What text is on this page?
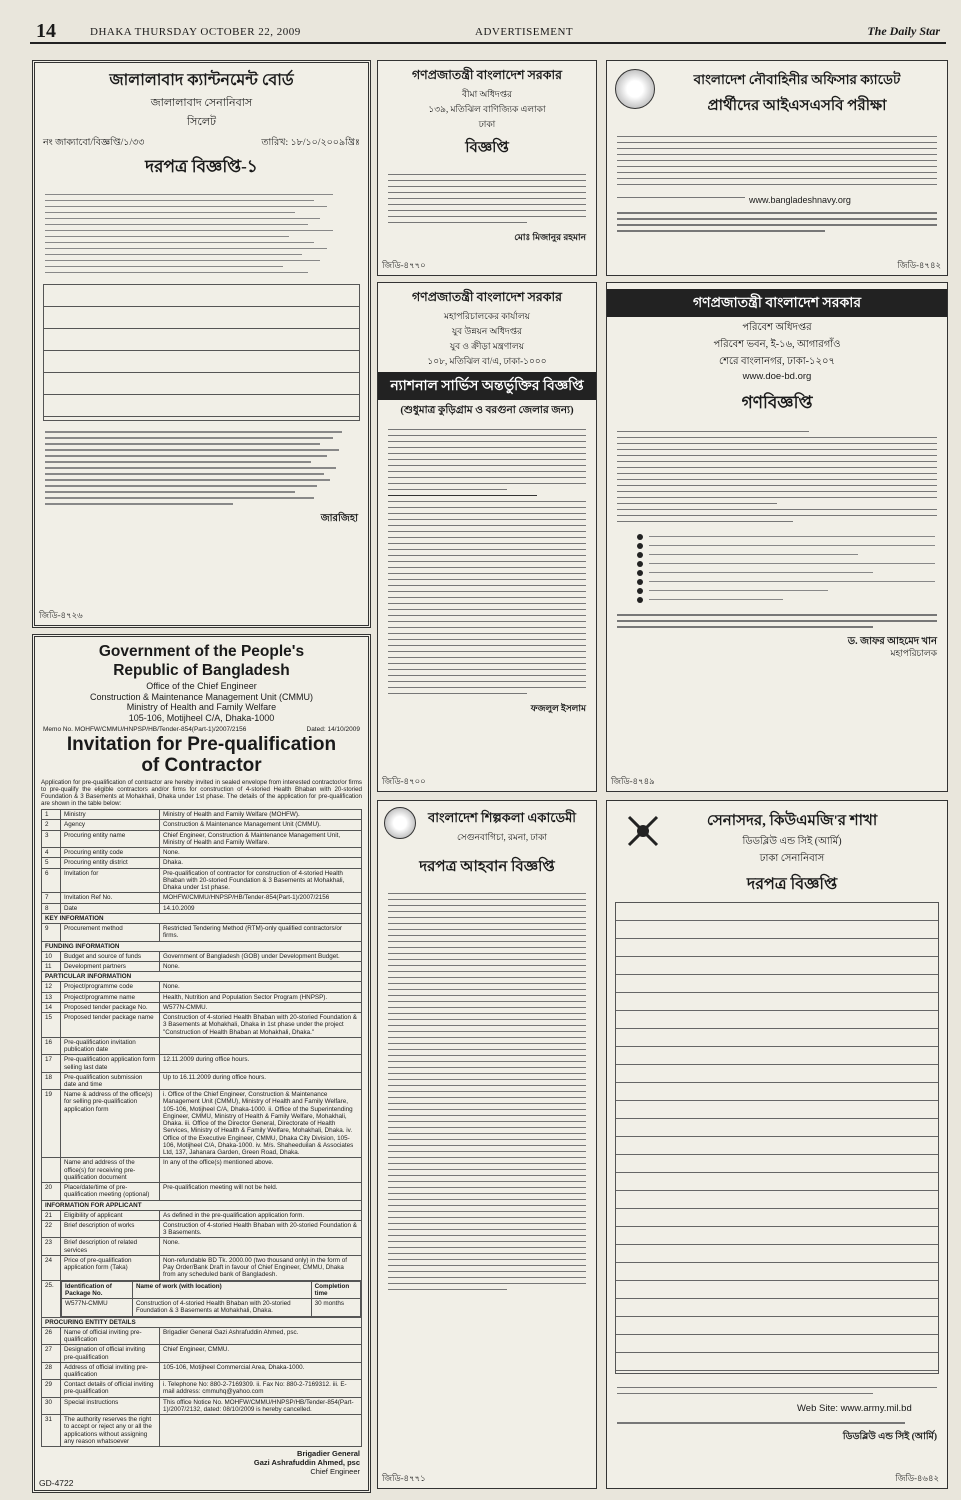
14	DHAKA THURSDAY OCTOBER 22, 2009	ADVERTISEMENT	The Daily Star
জালালাবাদ ক্যান্টনমেন্ট বোর্ড
জালালাবাদ সেনানিবাস
সিলেট
নং জাক্যাবো/বিজ্ঞপ্তি/১/৩৩	তারিখ: ১৮/১০/২০০৯খ্রিঃ
দরপত্র বিজ্ঞপ্তি-১
জারজিহা
জিডি-৪৭২৬
Government of the People's
Republic of Bangladesh
Office of the Chief Engineer
Construction & Maintenance Management Unit (CMMU)
Ministry of Health and Family Welfare
105-106, Motijheel C/A, Dhaka-1000
Memo No. MOHFW/CMMU/HNPSP/HB/Tender-854(Part-1)/2007/2156	Dated: 14/10/2009
Invitation for Pre-qualification
of Contractor
Application for pre-qualification of contractor are hereby invited in sealed envelope from interested contractor/or firms to pre-qualify the eligible contractors and/or firms for construction of 4-storied Health Bhaban with 20-storied Foundation & 3 Basements at Mohakhali, Dhaka under 1st phase. The details of the application for pre-qualification are shown in the table below:
1	Ministry	Ministry of Health and Family Welfare (MOHFW).
2	Agency	Construction & Maintenance Management Unit (CMMU).
3	Procuring entity name	Chief Engineer, Construction & Maintenance Management Unit, Ministry of Health and Family Welfare.
4	Procuring entity code	None.
5	Procuring entity district	Dhaka.
6	Invitation for	Pre-qualification of contractor for construction of 4-storied Health Bhaban with 20-storied Foundation & 3 Basements at Mohakhali, Dhaka under 1st phase.
7	Invitation Ref No.	MOHFW/CMMU/HNPSP/HB/Tender-854(Part-1)/2007/2156
8	Date	14.10.2009
KEY INFORMATION
9	Procurement method	Restricted Tendering Method (RTM)-only qualified contractors/or firms.
FUNDING INFORMATION
10	Budget and source of funds	Government of Bangladesh (GOB) under Development Budget.
11	Development partners	None.
PARTICULAR INFORMATION
12	Project/programme code	None.
13	Project/programme name	Health, Nutrition and Population Sector Program (HNPSP).
14	Proposed tender package No.	W577N-CMMU.
15	Proposed tender package name	Construction of 4-storied Health Bhaban with 20-storied Foundation & 3 Basements at Mohakhali, Dhaka in 1st phase under the project "Construction of Health Bhaban at Mohakhali, Dhaka."
16	Pre-qualification invitation publication date	
17	Pre-qualification application form selling last date	12.11.2009 during office hours.
18	Pre-qualification submission date and time	Up to 16.11.2009 during office hours.
19	Name & address of the office(s) for selling pre-qualification application form	i. Office of the Chief Engineer, Construction & Maintenance Management Unit (CMMU), Ministry of Health and Family Welfare, 105-106, Motijheel C/A, Dhaka-1000. ii. Office of the Superintending Engineer, CMMU, Ministry of Health & Family Welfare, Mohakhali, Dhaka. iii. Office of the Director General, Directorate of Health Services, Ministry of Health & Family Welfare, Mohakhali, Dhaka. iv. Office of the Executive Engineer, CMMU, Dhaka City Division, 105-106, Motijheel C/A, Dhaka-1000. iv. M/s. Shaheeduilan & Associates Ltd, 137, Jahanara Garden, Green Road, Dhaka.
	Name and address of the office(s) for receiving pre-qualification document	In any of the office(s) mentioned above.
20	Place/date/time of pre-qualification meeting (optional)	Pre-qualification meeting will not be held.
INFORMATION FOR APPLICANT
21	Eligibility of applicant	As defined in the pre-qualification application form.
22	Brief description of works	Construction of 4-storied Health Bhaban with 20-storied Foundation & 3 Basements.
23	Brief description of related services	None.
24	Price of pre-qualification application form (Taka)	Non-refundable BD Tk. 2000.00 (two thousand only) in the form of Pay Order/Bank Draft in favour of Chief Engineer, CMMU, Dhaka from any scheduled bank of Bangladesh.
25.	Identification of Package No.	Name of work (with location)	Completion time
W577N-CMMU	Construction of 4-storied Health Bhaban with 20-storied Foundation & 3 Basements at Mohakhali, Dhaka.	30 months

PROCURING ENTITY DETAILS
26	Name of official inviting pre-qualification	Brigadier General Gazi Ashrafuddin Ahmed, psc.
27	Designation of official inviting pre-qualification	Chief Engineer, CMMU.
28	Address of official inviting pre-qualification	105-106, Motijheel Commercial Area, Dhaka-1000.
29	Contact details of official inviting pre-qualification	i. Telephone No: 880-2-7169309. ii. Fax No: 880-2-7169312. iii. E-mail address: cmmuhq@yahoo.com
30	Special instructions	This office Notice No. MOHFW/CMMU/HNPSP/HB/Tender-854(Part-1)/2007/2132, dated: 08/10/2009 is hereby cancelled.
31	The authority reserves the right to accept or reject any or all the applications without assigning any reason whatsoever	
Brigadier General
Gazi Ashrafuddin Ahmed, psc
Chief Engineer
GD-4722
গণপ্রজাতন্ত্রী বাংলাদেশ সরকার
বীমা অধিদপ্তর
১৩৯, মতিঝিল বাণিজ্যিক এলাকা
ঢাকা
বিজ্ঞপ্তি
মোঃ মিজানুর রহমান
জিডি-৪৭৭০
গণপ্রজাতন্ত্রী বাংলাদেশ সরকার
মহাপরিচালকের কার্যালয়
যুব উন্নয়ন অধিদপ্তর
যুব ও ক্রীড়া মন্ত্রণালয়
১০৮, মতিঝিল বা/এ, ঢাকা-১০০০
ন্যাশনাল সার্ভিস অন্তর্ভুক্তির বিজ্ঞপ্তি
(শুধুমাত্র কুড়িগ্রাম ও বরগুনা জেলার জন্য)
ফজলুল ইসলাম
জিডি-৪৭০০
বাংলাদেশ নৌবাহিনীর অফিসার ক্যাডেট
প্রার্থীদের আইএসএসবি পরীক্ষা
www.bangladeshnavy.org
জিডি-৪৭৪২
গণপ্রজাতন্ত্রী বাংলাদেশ সরকার
পরিবেশ অধিদপ্তর
পরিবেশ ভবন, ই-১৬, আগারগাঁও
শেরে বাংলানগর, ঢাকা-১২০৭
www.doe-bd.org
গণবিজ্ঞপ্তি
ড. জাফর আহমেদ খান
মহাপরিচালক
জিডি-৪৭৪৯
বাংলাদেশ শিল্পকলা একাডেমী
সেগুনবাগিচা, রমনা, ঢাকা
দরপত্র আহবান বিজ্ঞপ্তি
জিডি-৪৭৭১
সেনাসদর, কিউএমজি'র শাখা
ডিডব্লিউ এন্ড সিই (আর্মি)
ঢাকা সেনানিবাস
দরপত্র বিজ্ঞপ্তি
Web Site: www.army.mil.bd
ডিডব্লিউ এন্ড সিই (আর্মি)
জিডি-৪৬৪২
